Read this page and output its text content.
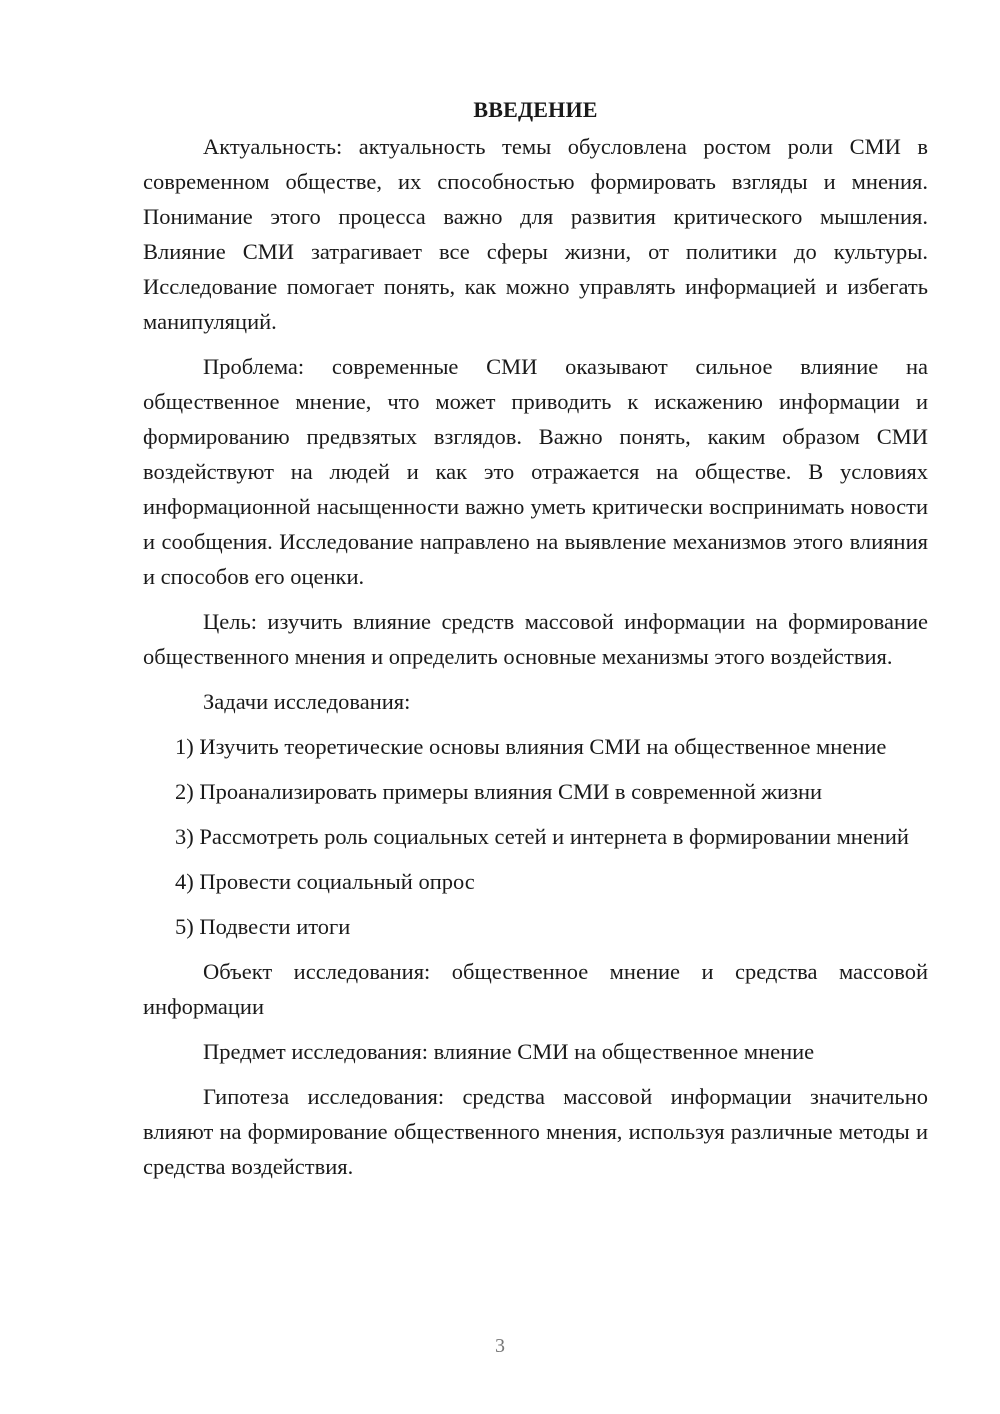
ВВЕДЕНИЕ

Актуальность: актуальность темы обусловлена ростом роли СМИ в современном обществе, их способностью формировать взгляды и мнения. Понимание этого процесса важно для развития критического мышления. Влияние СМИ затрагивает все сферы жизни, от политики до культуры. Исследование помогает понять, как можно управлять информацией и избегать манипуляций.

Проблема: современные СМИ оказывают сильное влияние на общественное мнение, что может приводить к искажению информации и формированию предвзятых взглядов. Важно понять, каким образом СМИ воздействуют на людей и как это отражается на обществе. В условиях информационной насыщенности важно уметь критически воспринимать новости и сообщения. Исследование направлено на выявление механизмов этого влияния и способов его оценки.

Цель: изучить влияние средств массовой информации на формирование общественного мнения и определить основные механизмы этого воздействия.

Задачи исследования:

1) Изучить теоретические основы влияния СМИ на общественное мнение

2) Проанализировать примеры влияния СМИ в современной жизни

3) Рассмотреть роль социальных сетей и интернета в формировании мнений

4) Провести социальный опрос

5) Подвести итоги

Объект исследования: общественное мнение и средства массовой информации

Предмет исследования: влияние СМИ на общественное мнение

Гипотеза исследования: средства массовой информации значительно влияют на формирование общественного мнения, используя различные методы и средства воздействия.

3
